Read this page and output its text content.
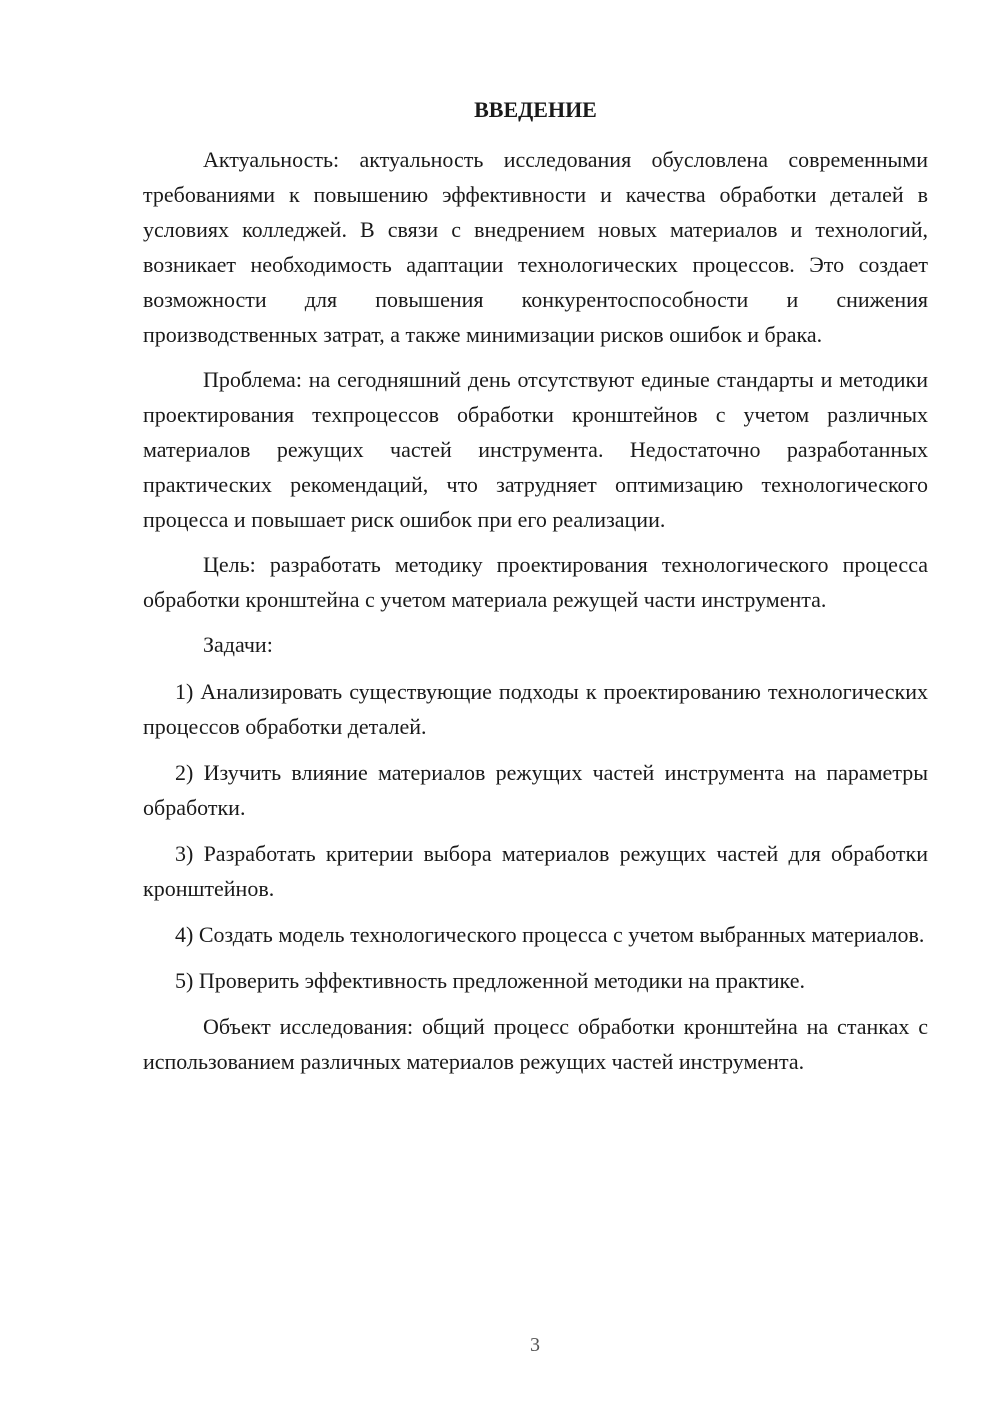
ВВЕДЕНИЕ

Актуальность: актуальность исследования обусловлена современными требованиями к повышению эффективности и качества обработки деталей в условиях колледжей. В связи с внедрением новых материалов и технологий, возникает необходимость адаптации технологических процессов. Это создает возможности для повышения конкурентоспособности и снижения производственных затрат, а также минимизации рисков ошибок и брака.

Проблема: на сегодняшний день отсутствуют единые стандарты и методики проектирования техпроцессов обработки кронштейнов с учетом различных материалов режущих частей инструмента. Недостаточно разработанных практических рекомендаций, что затрудняет оптимизацию технологического процесса и повышает риск ошибок при его реализации.

Цель: разработать методику проектирования технологического процесса обработки кронштейна с учетом материала режущей части инструмента.

Задачи:

1) Анализировать существующие подходы к проектированию технологических процессов обработки деталей.

2) Изучить влияние материалов режущих частей инструмента на параметры обработки.

3) Разработать критерии выбора материалов режущих частей для обработки кронштейнов.

4) Создать модель технологического процесса с учетом выбранных материалов.

5) Проверить эффективность предложенной методики на практике.

Объект исследования: общий процесс обработки кронштейна на станках с использованием различных материалов режущих частей инструмента.

3
